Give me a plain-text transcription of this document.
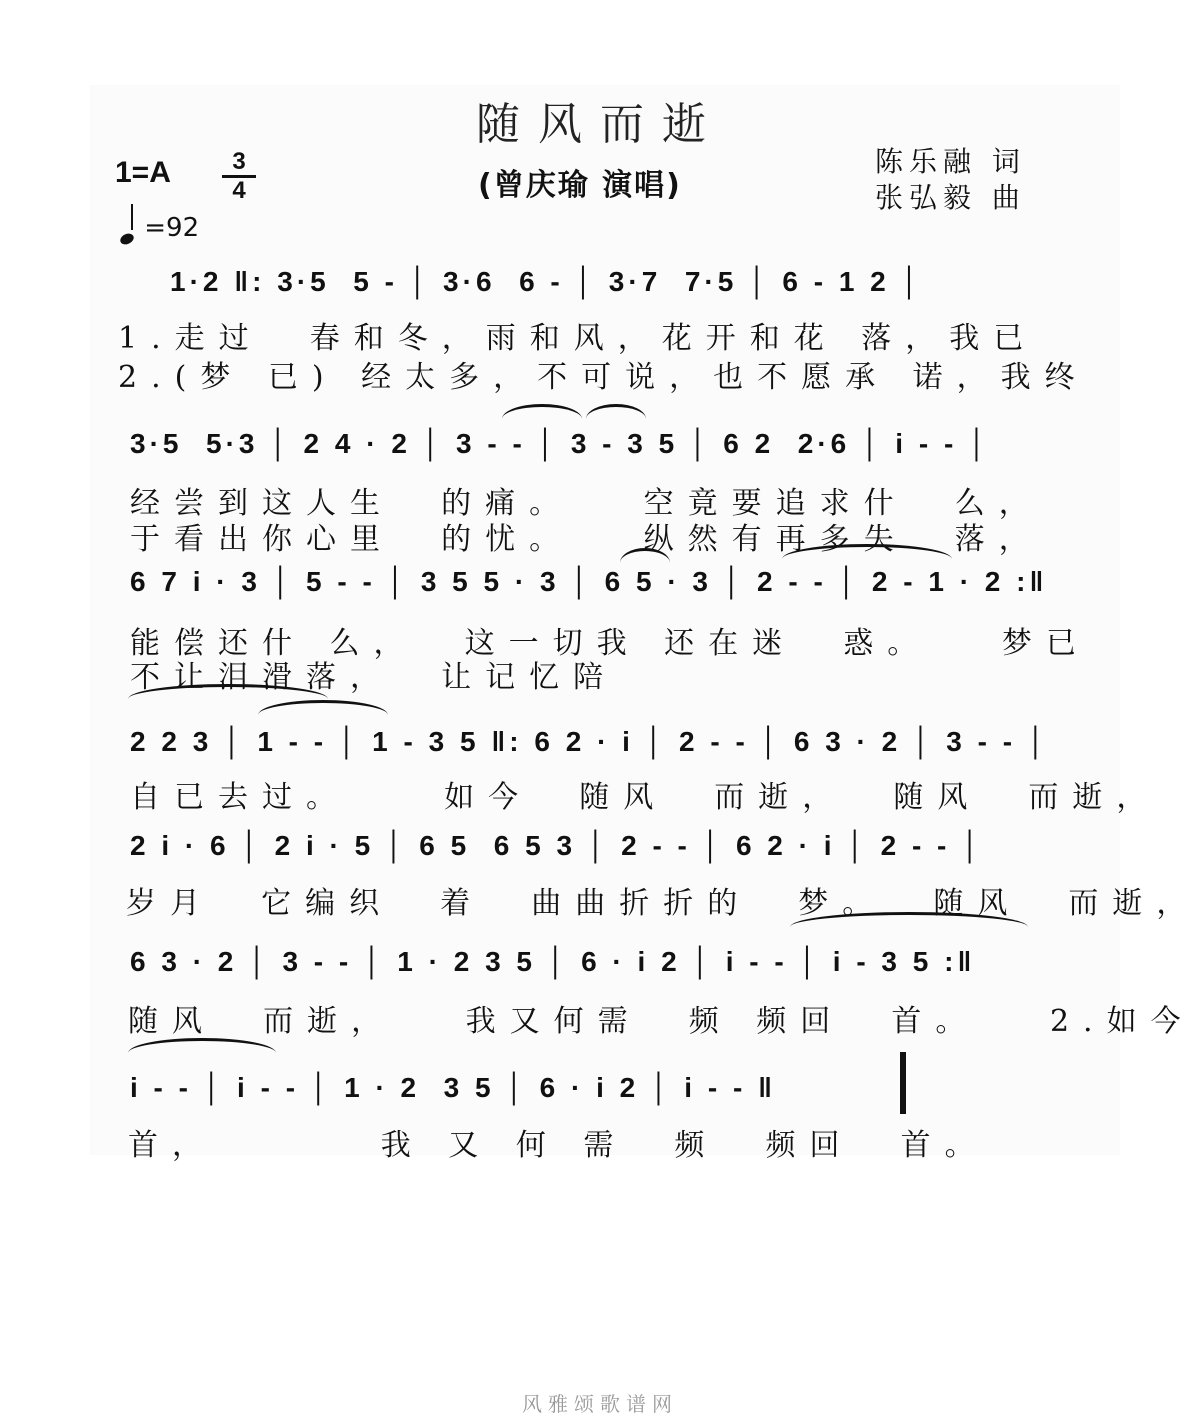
随风而逝
1=A	3
4	(曾庆瑜 演唱)
陈乐融 词
张弘毅 曲
=92
1·2 ‖: 3·5  5 - │ 3·6  6 - │ 3·7  7·5 │ 6 - 1 2 │
1.走过  春和冬，雨和风，花开和花 落，我已
2.(梦 已) 经太多，不可说，也不愿承 诺，我终
3·5  5·3 │ 2 4 · 2 │ 3 - - │ 3 - 3 5 │ 6 2  2·6 │ i - - │
经尝到这人生  的痛。   空竟要追求什  么，
于看出你心里  的忧。   纵然有再多失  落，
6 7 i · 3 │ 5 - - │ 3 5 5 · 3 │ 6 5 · 3 │ 2 - - │ 2 - 1 · 2 :‖
能偿还什 么，  这一切我 还在迷  惑。   梦已
不让泪滑落，  让记忆陪
2 2 3 │ 1 - - │ 1 - 3 5 ‖: 6 2 · i │ 2 - - │ 6 3 · 2 │ 3 - - │
自已去过。    如今  随风  而逝，  随风  而逝，
2 i · 6 │ 2 i · 5 │ 6 5  6 5 3 │ 2 - - │ 6 2 · i │ 2 - - │
岁月  它编织  着  曲曲折折的  梦。  随风  而逝，
6 3 · 2 │ 3 - - │ 1 · 2 3 5 │ 6 · i 2 │ i - - │ i - 3 5 :‖
随风  而逝，   我又何需  频 频回  首。   2.如今
i - - │ i - - │ 1 · 2  3 5 │ 6 · i 2 │ i - - ‖
首，       我 又 何 需  频  频回  首。
风雅颂歌谱网
